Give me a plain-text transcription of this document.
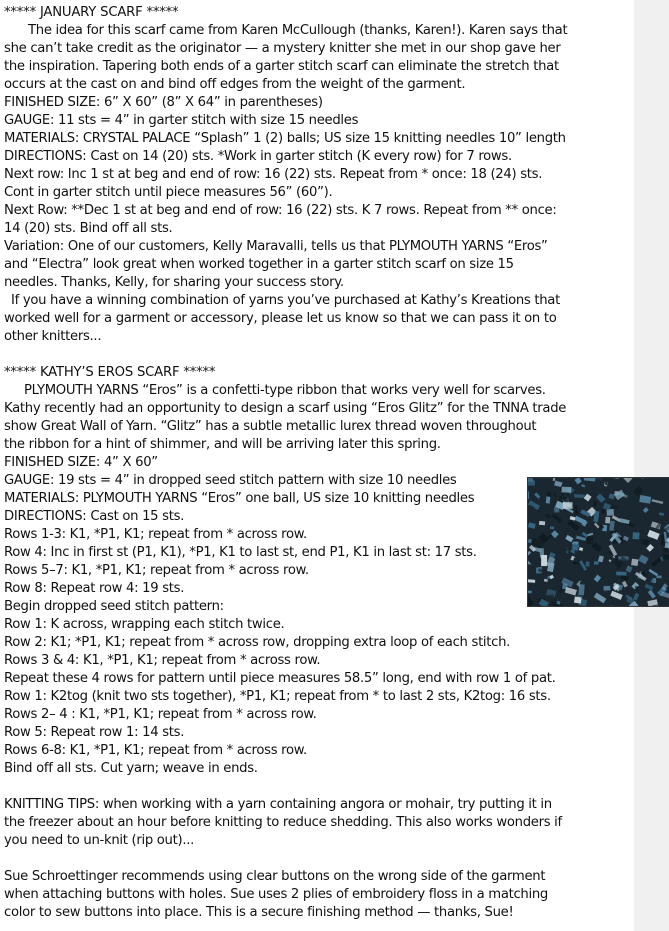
***** JANUARY SCARF *****
The idea for this scarf came from Karen McCullough (thanks, Karen!). Karen says that
she can’t take credit as the originator — a mystery knitter she met in our shop gave her
the inspiration. Tapering both ends of a garter stitch scarf can eliminate the stretch that
occurs at the cast on and bind off edges from the weight of the garment.
FINISHED SIZE: 6” X 60” (8” X 64” in parentheses)
GAUGE: 11 sts = 4” in garter stitch with size 15 needles
MATERIALS: CRYSTAL PALACE “Splash” 1 (2) balls; US size 15 knitting needles 10” length
DIRECTIONS: Cast on 14 (20) sts. *Work in garter stitch (K every row) for 7 rows.
Next row: Inc 1 st at beg and end of row: 16 (22) sts. Repeat from * once: 18 (24) sts.
Cont in garter stitch until piece measures 56” (60”).
Next Row: **Dec 1 st at beg and end of row: 16 (22) sts. K 7 rows. Repeat from ** once:
14 (20) sts. Bind off all sts.
Variation: One of our customers, Kelly Maravalli, tells us that PLYMOUTH YARNS “Eros”
and “Electra” look great when worked together in a garter stitch scarf on size 15
needles. Thanks, Kelly, for sharing your success story.
If you have a winning combination of yarns you’ve purchased at Kathy’s Kreations that
worked well for a garment or accessory, please let us know so that we can pass it on to
other knitters...
***** KATHY’S EROS SCARF *****
PLYMOUTH YARNS “Eros” is a confetti-type ribbon that works very well for scarves.
Kathy recently had an opportunity to design a scarf using “Eros Glitz” for the TNNA trade
show Great Wall of Yarn. “Glitz” has a subtle metallic lurex thread woven throughout
the ribbon for a hint of shimmer, and will be arriving later this spring.
FINISHED SIZE: 4” X 60”
GAUGE: 19 sts = 4” in dropped seed stitch pattern with size 10 needles
MATERIALS: PLYMOUTH YARNS “Eros” one ball, US size 10 knitting needles
DIRECTIONS: Cast on 15 sts.
Rows 1-3: K1, *P1, K1; repeat from * across row.
Row 4: Inc in first st (P1, K1), *P1, K1 to last st, end P1, K1 in last st: 17 sts.
Rows 5–7: K1, *P1, K1; repeat from * across row.
Row 8: Repeat row 4: 19 sts.
Begin dropped seed stitch pattern:
Row 1: K across, wrapping each stitch twice.
Row 2: K1; *P1, K1; repeat from * across row, dropping extra loop of each stitch.
Rows 3 & 4: K1, *P1, K1; repeat from * across row.
Repeat these 4 rows for pattern until piece measures 58.5” long, end with row 1 of pat.
Row 1: K2tog (knit two sts together), *P1, K1; repeat from * to last 2 sts, K2tog: 16 sts.
Rows 2– 4 : K1, *P1, K1; repeat from * across row.
Row 5: Repeat row 1: 14 sts.
Rows 6-8: K1, *P1, K1; repeat from * across row.
Bind off all sts. Cut yarn; weave in ends.
KNITTING TIPS: when working with a yarn containing angora or mohair, try putting it in
the freezer about an hour before knitting to reduce shedding. This also works wonders if
you need to un-knit (rip out)...
Sue Schroettinger recommends using clear buttons on the wrong side of the garment
when attaching buttons with holes. Sue uses 2 plies of embroidery floss in a matching
color to sew buttons into place. This is a secure finishing method — thanks, Sue!
